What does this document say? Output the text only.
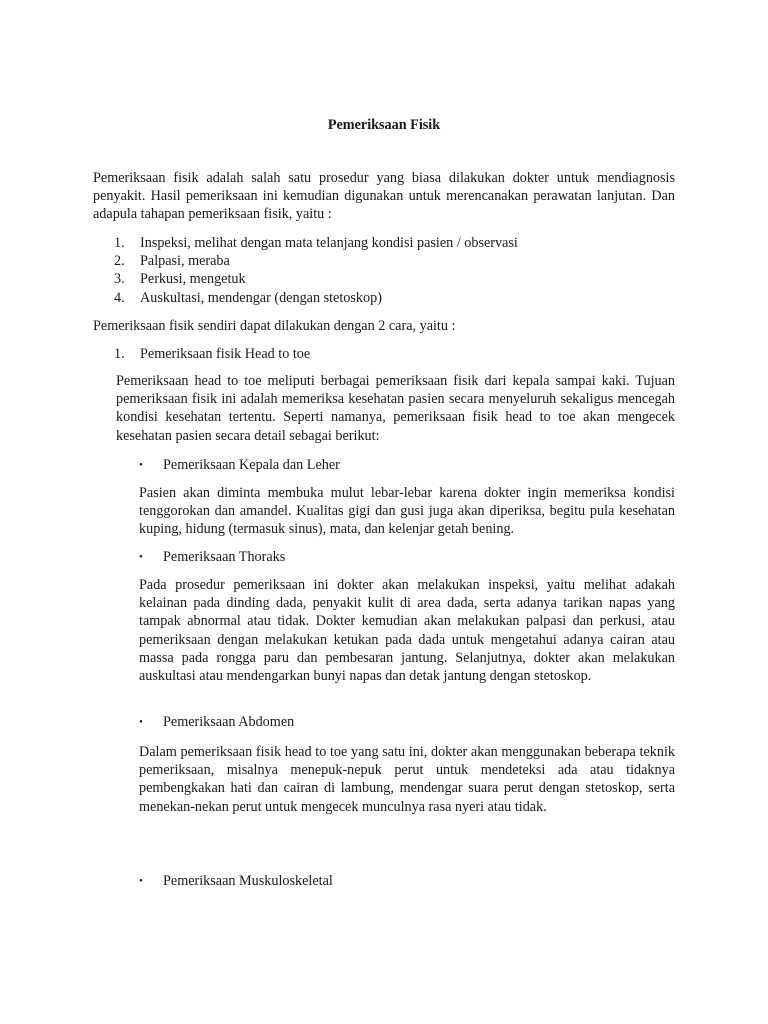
Pemeriksaan Fisik

Pemeriksaan fisik adalah salah satu prosedur yang biasa dilakukan dokter untuk mendiagnosis penyakit. Hasil pemeriksaan ini kemudian digunakan untuk merencanakan perawatan lanjutan. Dan adapula tahapan pemeriksaan fisik, yaitu :

1. Inspeksi, melihat dengan mata telanjang kondisi pasien / observasi
2. Palpasi, meraba
3. Perkusi, mengetuk
4. Auskultasi, mendengar (dengan stetoskop)

Pemeriksaan fisik sendiri dapat dilakukan dengan 2 cara, yaitu :

1. Pemeriksaan fisik Head to toe

Pemeriksaan head to toe meliputi berbagai pemeriksaan fisik dari kepala sampai kaki. Tujuan pemeriksaan fisik ini adalah memeriksa kesehatan pasien secara menyeluruh sekaligus mencegah kondisi kesehatan tertentu. Seperti namanya, pemeriksaan fisik head to toe akan mengecek kesehatan pasien secara detail sebagai berikut:

• Pemeriksaan Kepala dan Leher

Pasien akan diminta membuka mulut lebar-lebar karena dokter ingin memeriksa kondisi tenggorokan dan amandel. Kualitas gigi dan gusi juga akan diperiksa, begitu pula kesehatan kuping, hidung (termasuk sinus), mata, dan kelenjar getah bening.

• Pemeriksaan Thoraks

Pada prosedur pemeriksaan ini dokter akan melakukan inspeksi, yaitu melihat adakah kelainan pada dinding dada, penyakit kulit di area dada, serta adanya tarikan napas yang tampak abnormal atau tidak. Dokter kemudian akan melakukan palpasi dan perkusi, atau pemeriksaan dengan melakukan ketukan pada dada untuk mengetahui adanya cairan atau massa pada rongga paru dan pembesaran jantung. Selanjutnya, dokter akan melakukan auskultasi atau mendengarkan bunyi napas dan detak jantung dengan stetoskop.

• Pemeriksaan Abdomen

Dalam pemeriksaan fisik head to toe yang satu ini, dokter akan menggunakan beberapa teknik pemeriksaan, misalnya menepuk-nepuk perut untuk mendeteksi ada atau tidaknya pembengkakan hati dan cairan di lambung, mendengar suara perut dengan stetoskop, serta menekan-nekan perut untuk mengecek munculnya rasa nyeri atau tidak.

• Pemeriksaan Muskuloskeletal
